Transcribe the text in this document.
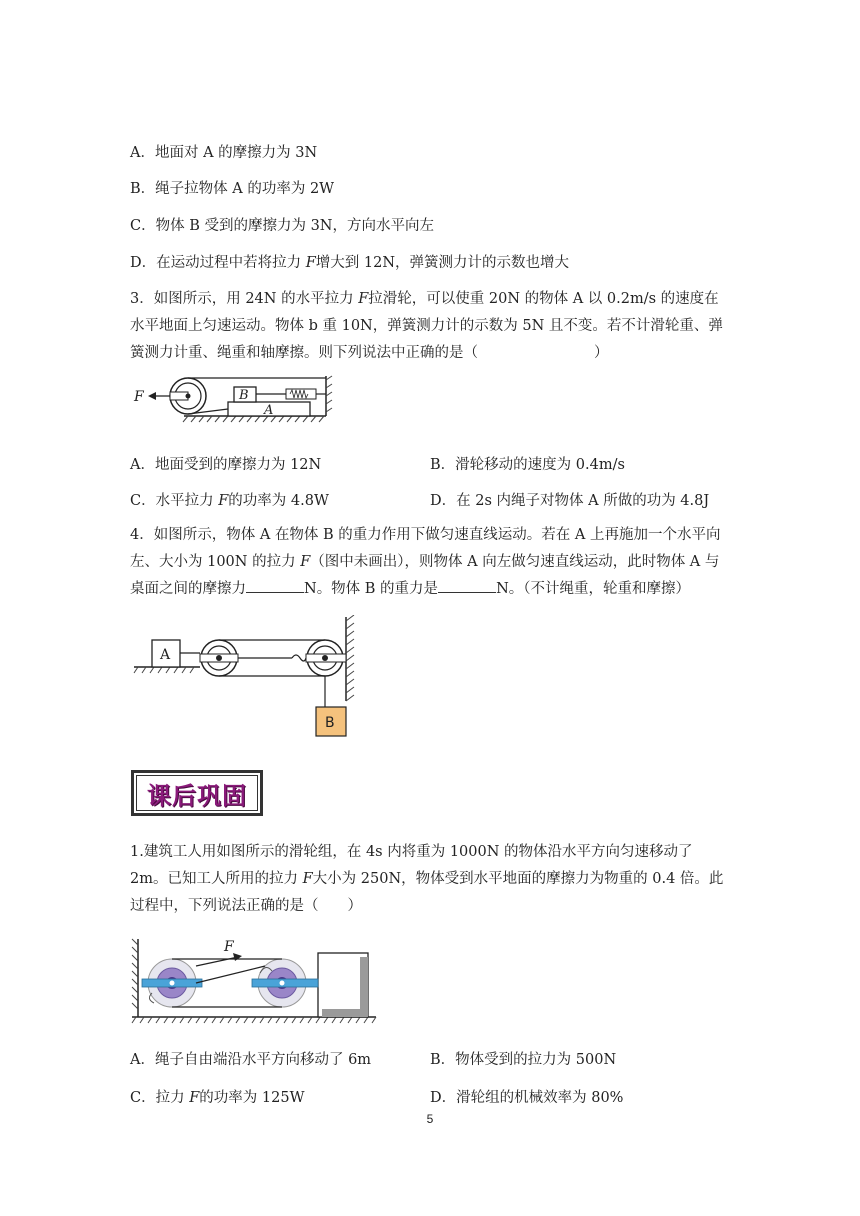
A．地面对 A 的摩擦力为 3N
B．绳子拉物体 A 的功率为 2W
C．物体 B 受到的摩擦力为 3N，方向水平向左
D．在运动过程中若将拉力 F增大到 12N，弹簧测力计的示数也增大
3．如图所示，用 24N 的水平拉力 F拉滑轮，可以使重 20N 的物体 A 以 0.2m/s 的速度在水平地面上匀速运动。物体 b 重 10N，弹簧测力计的示数为 5N 且不变。若不计滑轮重、弹簧测力计重、绳重和轴摩擦。则下列说法中正确的是（　　　　　　　　）
A
B
F
A．地面受到的摩擦力为 12N	B．滑轮移动的速度为 0.4m/s
C．水平拉力 F的功率为 4.8W	D．在 2s 内绳子对物体 A 所做的功为 4.8J
4．如图所示，物体 A 在物体 B 的重力作用下做匀速直线运动。若在 A 上再施加一个水平向左、大小为 100N 的拉力 F（图中未画出），则物体 A 向左做匀速直线运动，此时物体 A 与桌面之间的摩擦力	N。物体 B 的重力是	N。（不计绳重，轮重和摩擦）
A
B
课后巩固
1.建筑工人用如图所示的滑轮组，在 4s 内将重为 1000N 的物体沿水平方向匀速移动了 2m。已知工人所用的拉力 F大小为 250N，物体受到水平地面的摩擦力为物重的 0.4 倍。此过程中，下列说法正确的是（　　）
F
A．绳子自由端沿水平方向移动了 6m	B．物体受到的拉力为 500N
C．拉力 F的功率为 125W	D．滑轮组的机械效率为 80%
5
